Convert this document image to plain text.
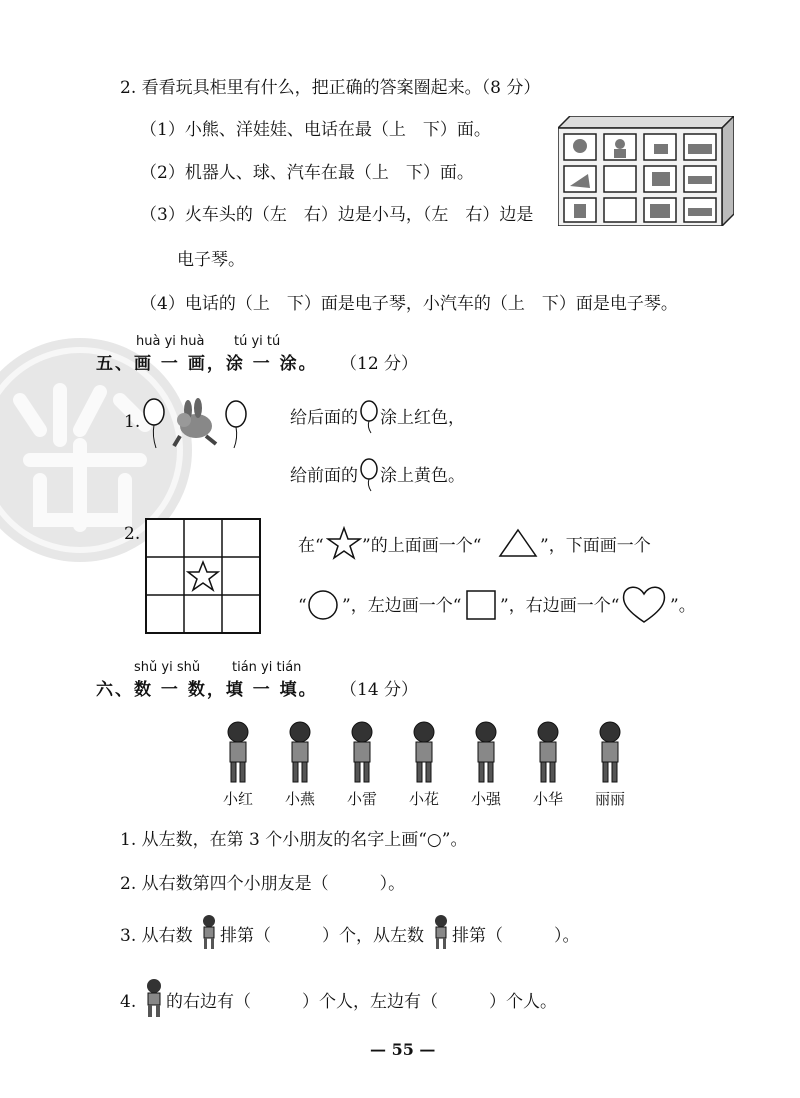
2. 看看玩具柜里有什么，把正确的答案圈起来。（8 分）
（1）小熊、洋娃娃、电话在最（上　下）面。
（2）机器人、球、汽车在最（上　下）面。
（3）火车头的（左　右）边是小马，（左　右）边是
电子琴。
（4）电话的（上　下）面是电子琴，小汽车的（上　下）面是电子琴。
huà yi huà tú yi tú
五、画 一 画，涂 一 涂。 （12 分）
1.	给后面的 涂上红色，
给前面的 涂上黄色。
2.
在“ ”的上面画一个“	”，下面画一个
“ ”，左边画一个“ ”，右边画一个“	”。
shǔ yi shǔ tián yi tián
六、数 一 数，填 一 填。 （14 分）
小红 小燕 小雷 小花 小强 小华 丽丽
1. 从左数，在第 3 个小朋友的名字上画“○”。
2. 从右数第四个小朋友是（　　　）。
3. 从右数 排第（　　　）个，从左数 排第（　　　）。
4. 的右边有（　　　）个人，左边有（　　　）个人。
— 55 —
